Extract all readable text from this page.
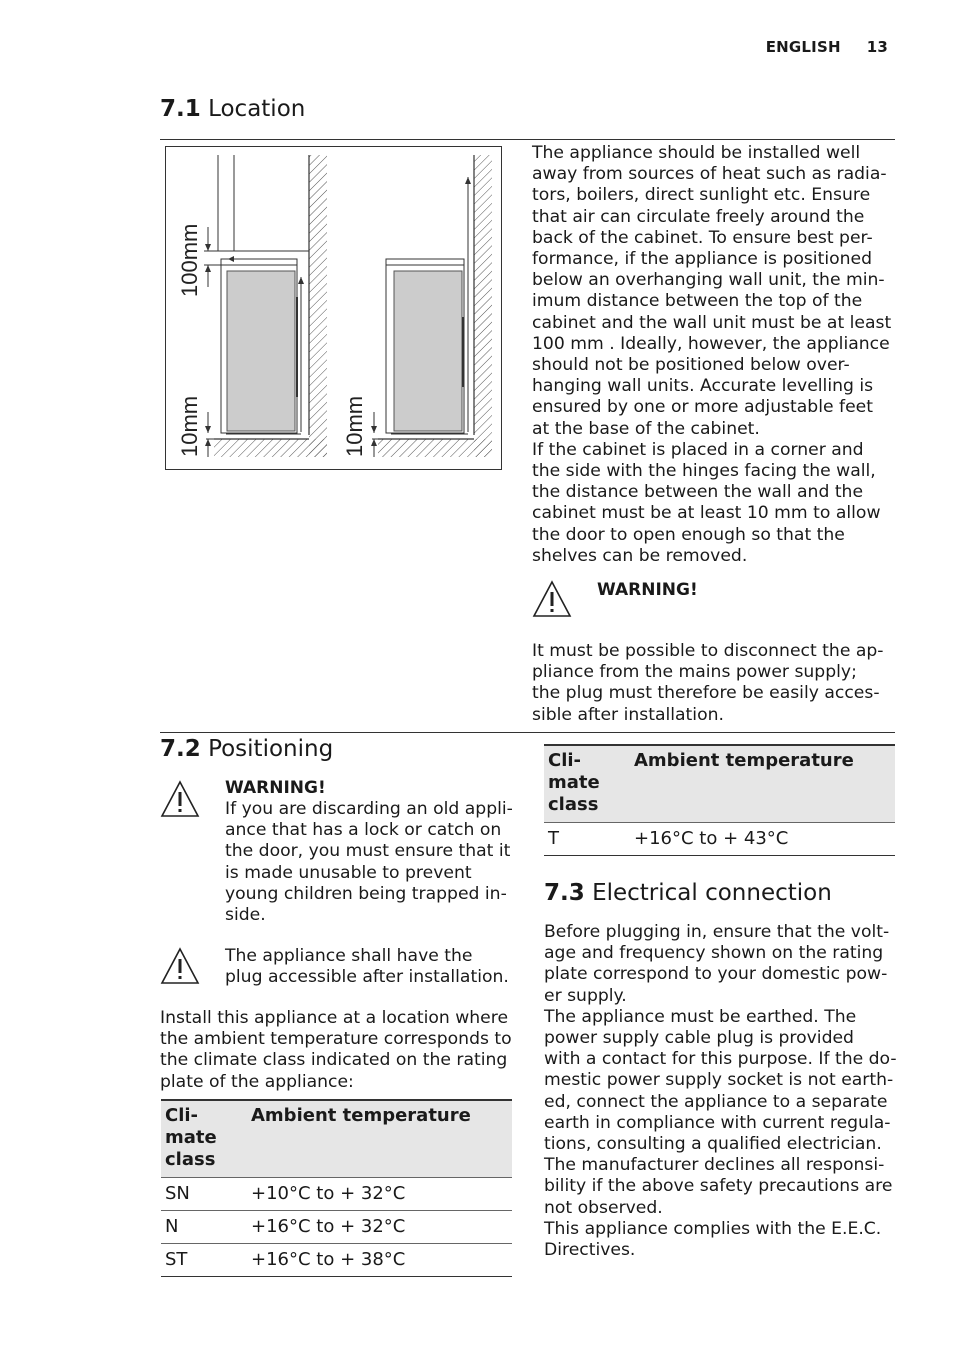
ENGLISH 13
7.1 Location
100mm
10mm	10mm
The appliance should be installed well
away from sources of heat such as radia-
tors, boilers, direct sunlight etc. Ensure
that air can circulate freely around the
back of the cabinet. To ensure best per-
formance, if the appliance is positioned
below an overhanging wall unit, the min-
imum distance between the top of the
cabinet and the wall unit must be at least
100 mm . Ideally, however, the appliance
should not be positioned below over-
hanging wall units. Accurate levelling is
ensured by one or more adjustable feet
at the base of the cabinet.
If the cabinet is placed in a corner and
the side with the hinges facing the wall,
the distance between the wall and the
cabinet must be at least 10 mm to allow
the door to open enough so that the
shelves can be removed.
WARNING!
It must be possible to disconnect the ap-
pliance from the mains power supply;
the plug must therefore be easily acces-
sible after installation.
7.2 Positioning
WARNING!
If you are discarding an old appli-
ance that has a lock or catch on
the door, you must ensure that it
is made unusable to prevent
young children being trapped in-
side.
The appliance shall have the
plug accessible after installation.
Install this appliance at a location where
the ambient temperature corresponds to
the climate class indicated on the rating
plate of the appliance:
Cli-
mate
class	Ambient temperature
SN	+10°C to + 32°C
N	+16°C to + 32°C
ST	+16°C to + 38°C
Cli-
mate
class	Ambient temperature
T	+16°C to + 43°C
7.3 Electrical connection
Before plugging in, ensure that the volt-
age and frequency shown on the rating
plate correspond to your domestic pow-
er supply.
The appliance must be earthed. The
power supply cable plug is provided
with a contact for this purpose. If the do-
mestic power supply socket is not earth-
ed, connect the appliance to a separate
earth in compliance with current regula-
tions, consulting a qualified electrician.
The manufacturer declines all responsi-
bility if the above safety precautions are
not observed.
This appliance complies with the E.E.C.
Directives.
